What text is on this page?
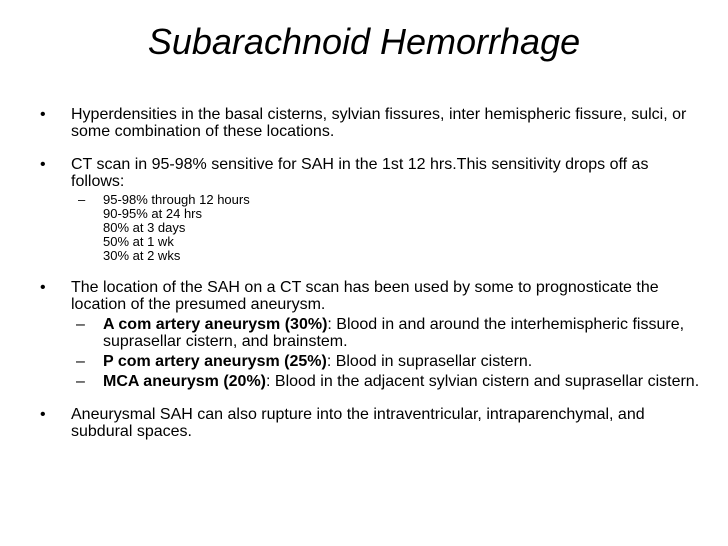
Subarachnoid Hemorrhage
•	Hyperdensities in the basal cisterns, sylvian fissures, inter hemispheric fissure, sulci, or some combination of these locations.
•	CT scan in 95-98% sensitive for SAH in the 1st 12 hrs.This sensitivity drops off as follows:
– 95-98% through 12 hours
90-95% at 24 hrs
80% at 3 days
50% at 1 wk
30% at 2 wks
•	The location of the SAH on a CT scan has been used by some to prognosticate the location of the presumed aneurysm.
– A com artery aneurysm (30%): Blood in and around the interhemispheric fissure, suprasellar cistern, and brainstem.
– P com artery aneurysm (25%): Blood in suprasellar cistern.
– MCA aneurysm (20%): Blood in the adjacent sylvian cistern and suprasellar cistern.
•	Aneurysmal SAH can also rupture into the intraventricular, intraparenchymal, and subdural spaces.
